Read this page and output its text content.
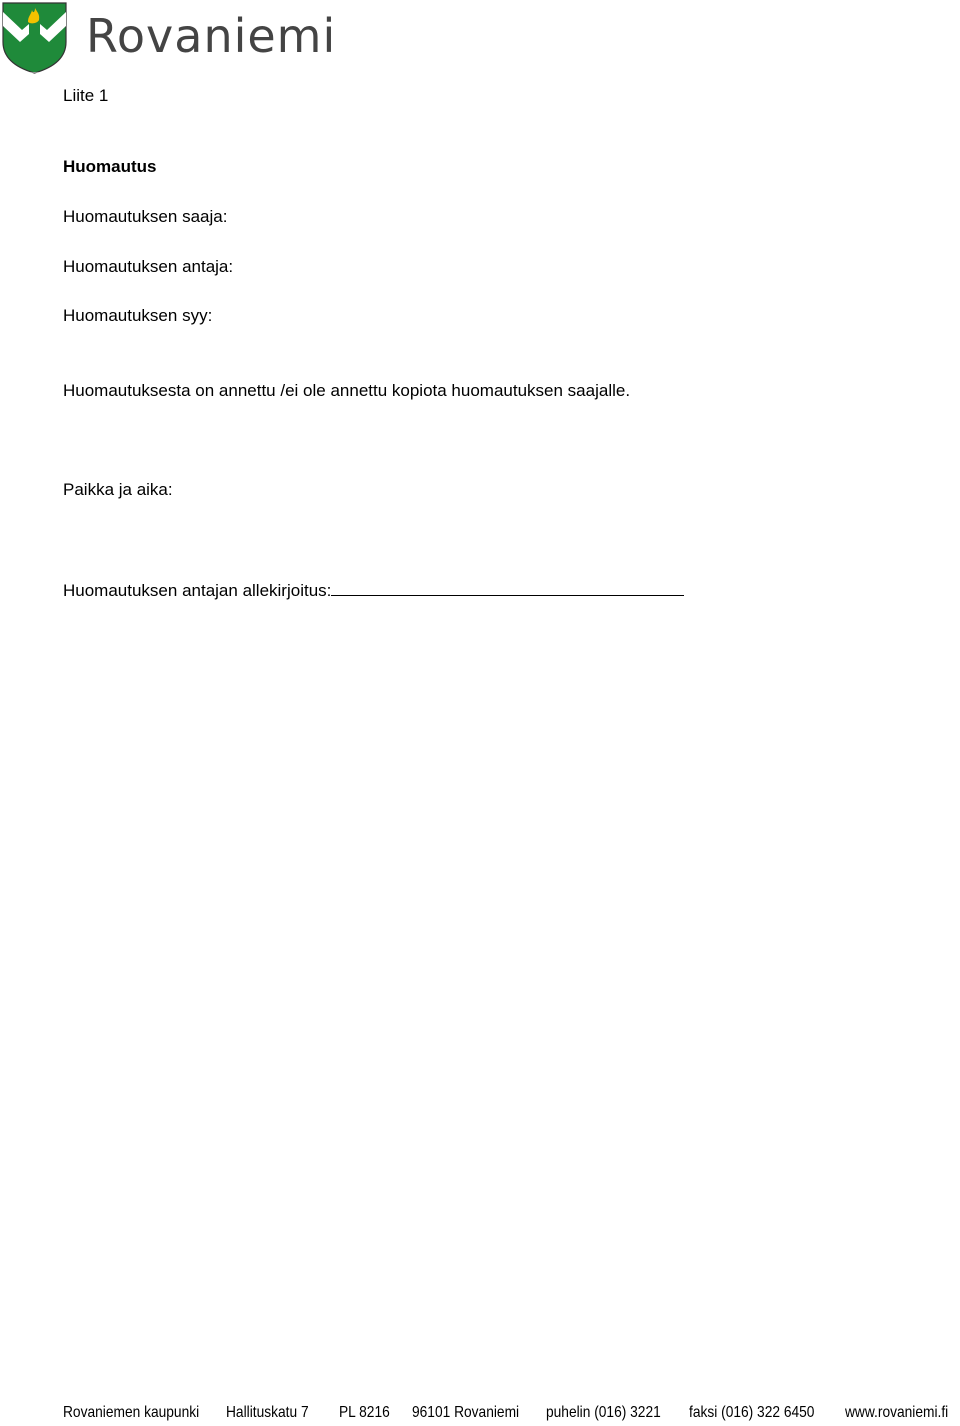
Rovaniemi
Liite 1
Huomautus
Huomautuksen saaja:
Huomautuksen antaja:
Huomautuksen syy:
Huomautuksesta on annettu /ei ole annettu kopiota huomautuksen saajalle.
Paikka ja aika:
Huomautuksen antajan allekirjoitus:
Rovaniemen kaupunki Hallituskatu 7 PL 8216 96101 Rovaniemi puhelin (016) 3221 faksi (016) 322 6450 www.rovaniemi.fi
